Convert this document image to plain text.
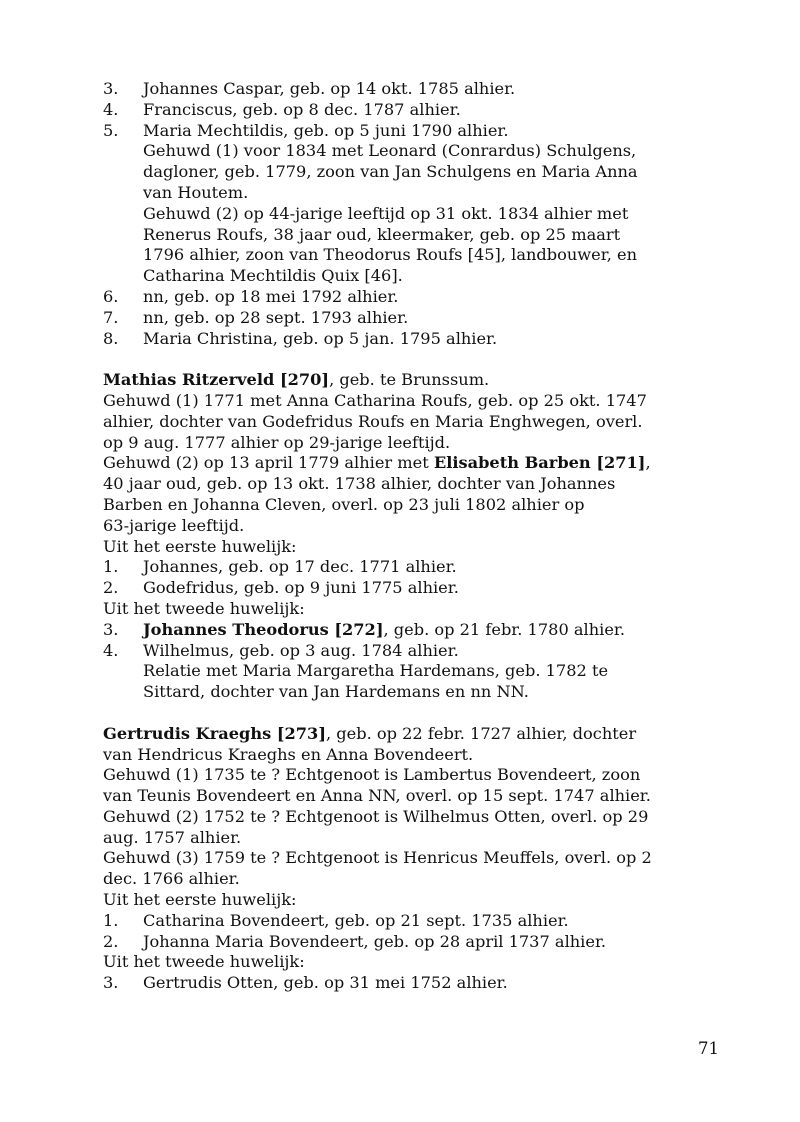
3.	Johannes Caspar, geb. op 14 okt. 1785 alhier.
4.	Franciscus, geb. op 8 dec. 1787 alhier.
5.	Maria Mechtildis, geb. op 5 juni 1790 alhier.
Gehuwd (1) voor 1834 met Leonard (Conrardus) Schulgens,
dagloner, geb. 1779, zoon van Jan Schulgens en Maria Anna
van Houtem.
Gehuwd (2) op 44-jarige leeftijd op 31 okt. 1834 alhier met
Renerus Roufs, 38 jaar oud, kleermaker, geb. op 25 maart
1796 alhier, zoon van Theodorus Roufs [45], landbouwer, en
Catharina Mechtildis Quix [46].
6.	nn, geb. op 18 mei 1792 alhier.
7.	nn, geb. op 28 sept. 1793 alhier.
8.	Maria Christina, geb. op 5 jan. 1795 alhier.
Mathias Ritzerveld [270], geb. te Brunssum.
Gehuwd (1) 1771 met Anna Catharina Roufs, geb. op 25 okt. 1747
alhier, dochter van Godefridus Roufs en Maria Enghwegen, overl.
op 9 aug. 1777 alhier op 29-jarige leeftijd.
Gehuwd (2) op 13 april 1779 alhier met Elisabeth Barben [271],
40 jaar oud, geb. op 13 okt. 1738 alhier, dochter van Johannes
Barben en Johanna Cleven, overl. op 23 juli 1802 alhier op
63-jarige leeftijd.
Uit het eerste huwelijk:
1.	Johannes, geb. op 17 dec. 1771 alhier.
2.	Godefridus, geb. op 9 juni 1775 alhier.
Uit het tweede huwelijk:
3.	Johannes Theodorus [272], geb. op 21 febr. 1780 alhier.
4.	Wilhelmus, geb. op 3 aug. 1784 alhier.
Relatie met Maria Margaretha Hardemans, geb. 1782 te
Sittard, dochter van Jan Hardemans en nn NN.
Gertrudis Kraeghs [273], geb. op 22 febr. 1727 alhier, dochter
van Hendricus Kraeghs en Anna Bovendeert.
Gehuwd (1) 1735 te ? Echtgenoot is Lambertus Bovendeert, zoon
van Teunis Bovendeert en Anna NN, overl. op 15 sept. 1747 alhier.
Gehuwd (2) 1752 te ? Echtgenoot is Wilhelmus Otten, overl. op 29
aug. 1757 alhier.
Gehuwd (3) 1759 te ? Echtgenoot is Henricus Meuffels, overl. op 2
dec. 1766 alhier.
Uit het eerste huwelijk:
1.	Catharina Bovendeert, geb. op 21 sept. 1735 alhier.
2.	Johanna Maria Bovendeert, geb. op 28 april 1737 alhier.
Uit het tweede huwelijk:
3.	Gertrudis Otten, geb. op 31 mei 1752 alhier.
71
